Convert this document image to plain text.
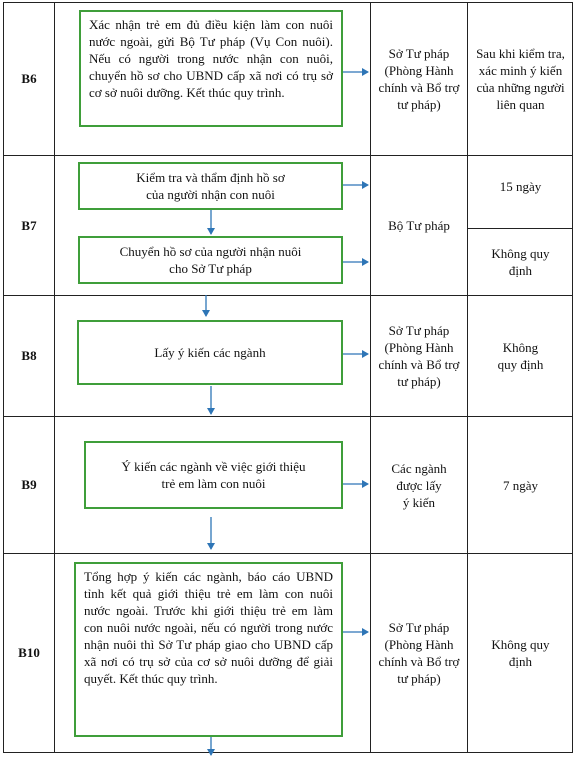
B6
B7
B8
B9
B10
Xác nhận trẻ em đủ điều kiện làm con nuôi nước ngoài, gửi Bộ Tư pháp (Vụ Con nuôi). Nếu có người trong nước nhận con nuôi, chuyển hồ sơ cho UBND cấp xã nơi có trụ sở cơ sở nuôi dưỡng. Kết thúc quy trình.
Kiểm tra và thẩm định hồ sơ
của người nhận con nuôi
Chuyển hồ sơ của người nhận nuôi
cho Sở Tư pháp
Lấy ý kiến các ngành
Ý kiến các ngành về việc giới thiệu
trẻ em làm con nuôi
Tổng hợp ý kiến các ngành, báo cáo UBND tỉnh kết quả giới thiệu trẻ em làm con nuôi nước ngoài. Trước khi giới thiệu trẻ em làm con nuôi nước ngoài, nếu có người trong nước nhận nuôi thì Sở Tư pháp giao cho UBND cấp xã nơi có trụ sở của cơ sở nuôi dưỡng để giải quyết. Kết thúc quy trình.
Sở Tư pháp
(Phòng Hành chính và Bổ trợ tư pháp)
Bộ Tư pháp
Sở Tư pháp
(Phòng Hành chính và Bổ trợ tư pháp)
Các ngành
được lấy
ý kiến
Sở Tư pháp
(Phòng Hành chính và Bổ trợ tư pháp)
Sau khi kiểm tra, xác minh ý kiến của những người liên quan
15 ngày
Không quy
định
Không
quy định
7 ngày
Không quy
định
